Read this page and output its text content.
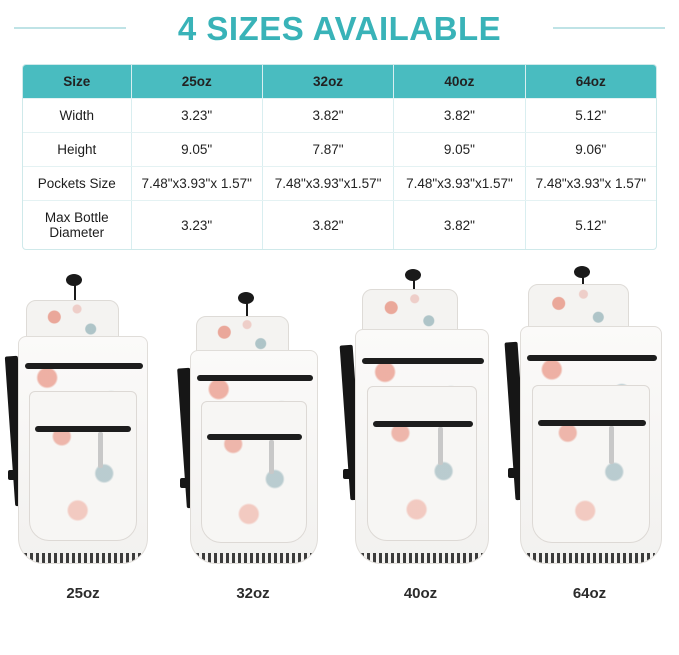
4 SIZES AVAILABLE
Size	25oz	32oz	40oz	64oz
Width	3.23"	3.82"	3.82"	5.12"
Height	9.05"	7.87"	9.05"	9.06"
Pockets Size	7.48"x3.93"x 1.57"	7.48"x3.93"x1.57"	7.48"x3.93"x1.57"	7.48"x3.93"x 1.57"
Max Bottle Diameter	3.23"	3.82"	3.82"	5.12"
25oz	32oz	40oz	64oz
